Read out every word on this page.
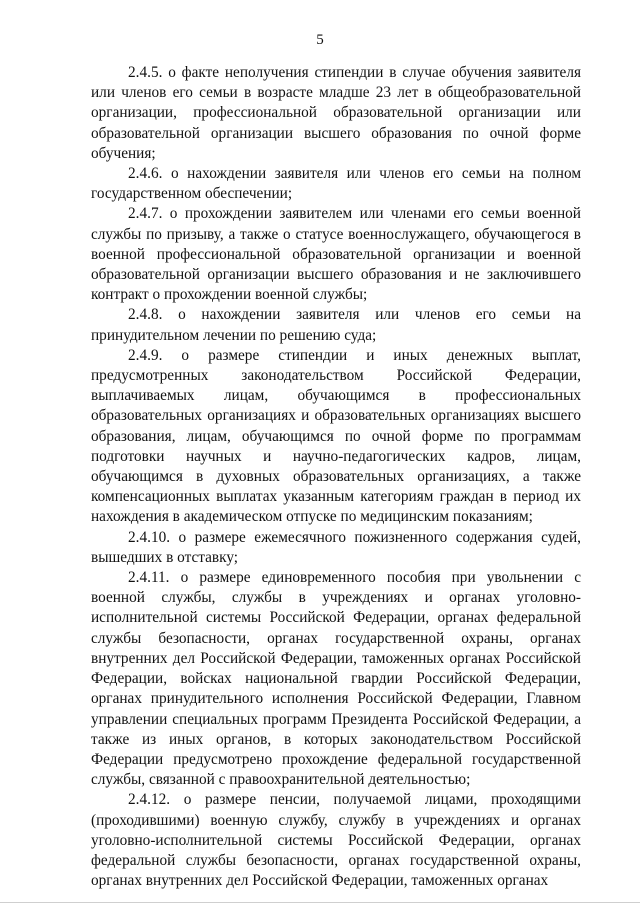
5

2.4.5. о факте неполучения стипендии в случае обучения заявителя или членов его семьи в возрасте младше 23 лет в общеобразовательной организации, профессиональной образовательной организации или образовательной организации высшего образования по очной форме обучения;

2.4.6. о нахождении заявителя или членов его семьи на полном государственном обеспечении;

2.4.7. о прохождении заявителем или членами его семьи военной службы по призыву, а также о статусе военнослужащего, обучающегося в военной профессиональной образовательной организации и военной образовательной организации высшего образования и не заключившего контракт о прохождении военной службы;

2.4.8. о нахождении заявителя или членов его семьи на принудительном лечении по решению суда;

2.4.9. о размере стипендии и иных денежных выплат, предусмотренных законодательством Российской Федерации, выплачиваемых лицам, обучающимся в профессиональных образовательных организациях и образовательных организациях высшего образования, лицам, обучающимся по очной форме по программам подготовки научных и научно-педагогических кадров, лицам, обучающимся в духовных образовательных организациях, а также компенсационных выплатах указанным категориям граждан в период их нахождения в академическом отпуске по медицинским показаниям;

2.4.10. о размере ежемесячного пожизненного содержания судей, вышедших в отставку;

2.4.11. о размере единовременного пособия при увольнении с военной службы, службы в учреждениях и органах уголовно-исполнительной системы Российской Федерации, органах федеральной службы безопасности, органах государственной охраны, органах внутренних дел Российской Федерации, таможенных органах Российской Федерации, войсках национальной гвардии Российской Федерации, органах принудительного исполнения Российской Федерации, Главном управлении специальных программ Президента Российской Федерации, а также из иных органов, в которых законодательством Российской Федерации предусмотрено прохождение федеральной государственной службы, связанной с правоохранительной деятельностью;

2.4.12. о размере пенсии, получаемой лицами, проходящими (проходившими) военную службу, службу в учреждениях и органах уголовно-исполнительной системы Российской Федерации, органах федеральной службы безопасности, органах государственной охраны, органах внутренних дел Российской Федерации, таможенных органах
